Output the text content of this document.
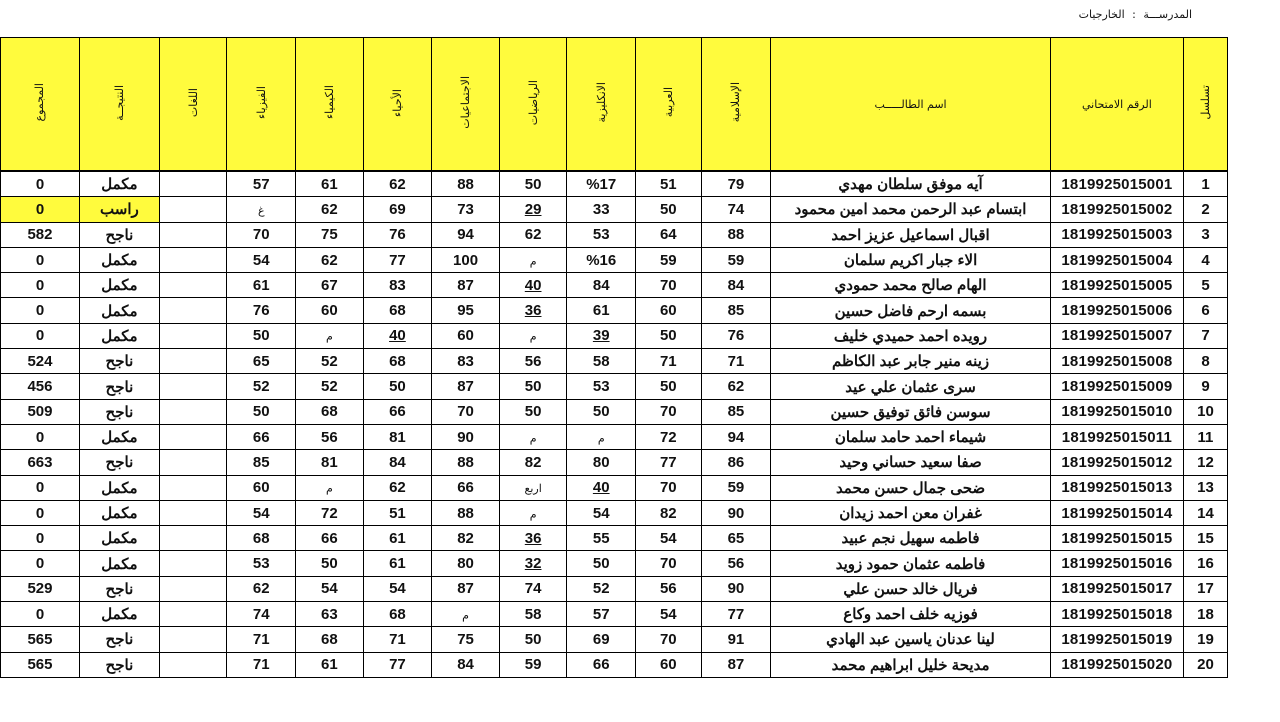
المدرســـة : الخارجيات
تسلسل	الرقم الامتحاني	اسم الطالـــــب	الإسلامية	العربية	الانكليزية	الرياضيات	الاجتماعيات	الأحياء	الكيمياء	الفيزياء	اللغات	النتيجــة	المجموع
1	1819925015001	آيه موفق سلطان مهدي	79	51	%17	50	88	62	61	57		مكمل	0
2	1819925015002	ابتسام عبد الرحمن محمد امين محمود	74	50	33	29	73	69	62	غ		راسب	0
3	1819925015003	اقبال اسماعيل عزيز احمد	88	64	53	62	94	76	75	70		ناجح	582
4	1819925015004	الاء جبار اكريم سلمان	59	59	%16	م	100	77	62	54		مكمل	0
5	1819925015005	الهام صالح محمد حمودي	84	70	84	40	87	83	67	61		مكمل	0
6	1819925015006	بسمه ارحم فاضل حسين	85	60	61	36	95	68	60	76		مكمل	0
7	1819925015007	رويده احمد حميدي خليف	76	50	39	م	60	40	م	50		مكمل	0
8	1819925015008	زينه منير جابر عبد الكاظم	71	71	58	56	83	68	52	65		ناجح	524
9	1819925015009	سرى عثمان علي عيد	62	50	53	50	87	50	52	52		ناجح	456
10	1819925015010	سوسن فائق توفيق حسين	85	70	50	50	70	66	68	50		ناجح	509
11	1819925015011	شيماء احمد حامد سلمان	94	72	م	م	90	81	56	66		مكمل	0
12	1819925015012	صفا سعيد حساني وحيد	86	77	80	82	88	84	81	85		ناجح	663
13	1819925015013	ضحى جمال حسن محمد	59	70	40	اربع	66	62	م	60		مكمل	0
14	1819925015014	غفران معن احمد زيدان	90	82	54	م	88	51	72	54		مكمل	0
15	1819925015015	فاطمه سهيل نجم عبيد	65	54	55	36	82	61	66	68		مكمل	0
16	1819925015016	فاطمه عثمان حمود زويد	56	70	50	32	80	61	50	53		مكمل	0
17	1819925015017	فريال خالد حسن علي	90	56	52	74	87	54	54	62		ناجح	529
18	1819925015018	فوزيه خلف احمد وكاع	77	54	57	58	م	68	63	74		مكمل	0
19	1819925015019	لينا عدنان ياسين عبد الهادي	91	70	69	50	75	71	68	71		ناجح	565
20	1819925015020	مديحة خليل ابراهيم محمد	87	60	66	59	84	77	61	71		ناجح	565
